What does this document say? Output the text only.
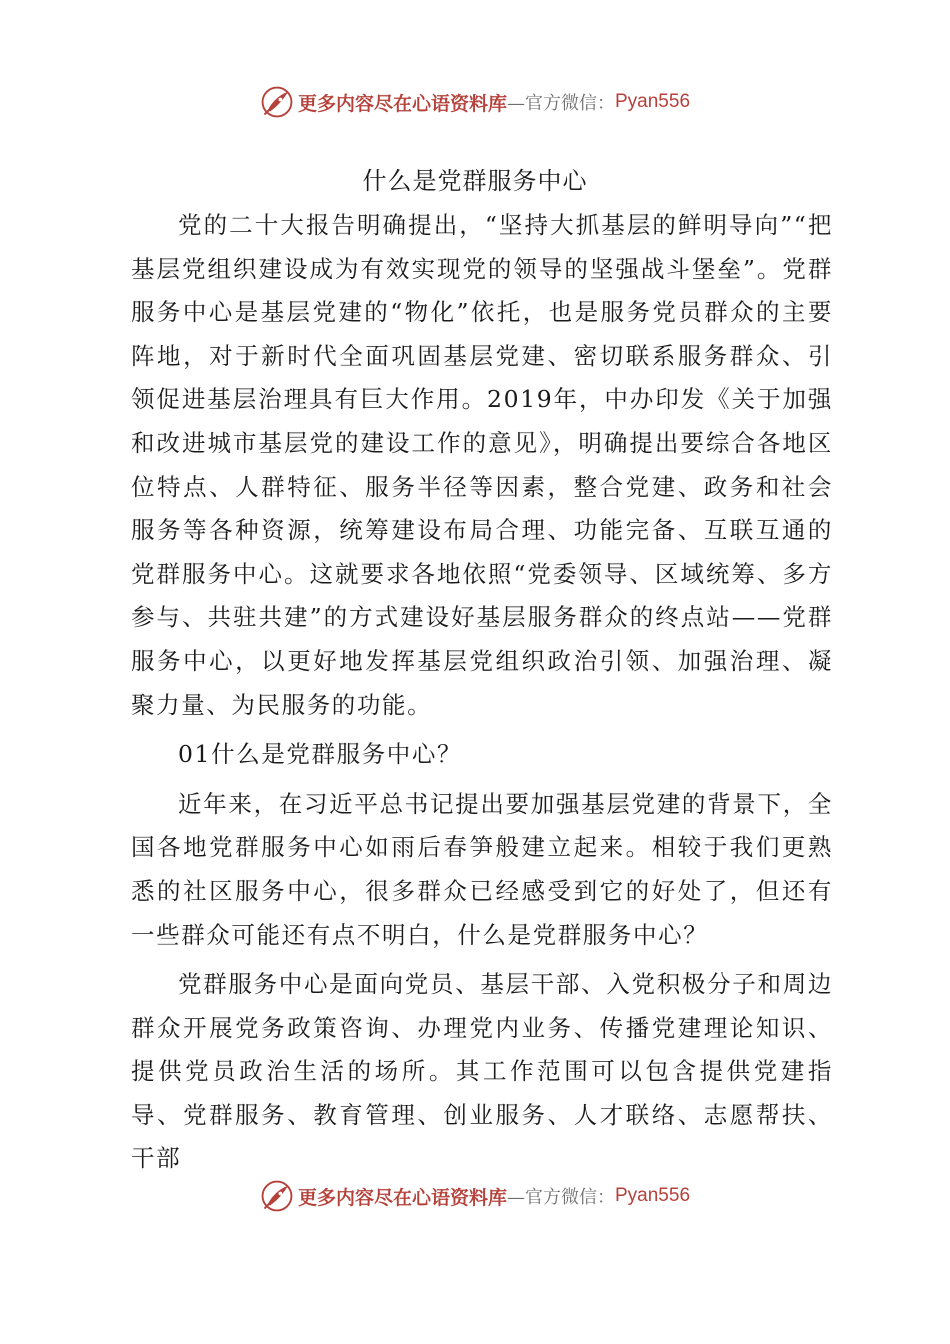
更多内容尽在心语资料库 —官方微信： Pyan556
什么是党群服务中心

党的二十大报告明确提出，“坚持大抓基层的鲜明导向”“把基层党组织建设成为有效实现党的领导的坚强战斗堡垒”。党群服务中心是基层党建的“物化”依托，也是服务党员群众的主要阵地，对于新时代全面巩固基层党建、密切联系服务群众、引领促进基层治理具有巨大作用。2019年，中办印发《关于加强和改进城市基层党的建设工作的意见》，明确提出要综合各地区位特点、人群特征、服务半径等因素，整合党建、政务和社会服务等各种资源，统筹建设布局合理、功能完备、互联互通的党群服务中心。这就要求各地依照“党委领导、区域统筹、多方参与、共驻共建”的方式建设好基层服务群众的终点站——党群服务中心，以更好地发挥基层党组织政治引领、加强治理、凝聚力量、为民服务的功能。

01什么是党群服务中心？

近年来，在习近平总书记提出要加强基层党建的背景下，全国各地党群服务中心如雨后春笋般建立起来。相较于我们更熟悉的社区服务中心，很多群众已经感受到它的好处了，但还有一些群众可能还有点不明白，什么是党群服务中心？

党群服务中心是面向党员、基层干部、入党积极分子和周边群众开展党务政策咨询、办理党内业务、传播党建理论知识、提供党员政治生活的场所。其工作范围可以包含提供党建指导、党群服务、教育管理、创业服务、人才联络、志愿帮扶、干部

更多内容尽在心语资料库 —官方微信： Pyan556
